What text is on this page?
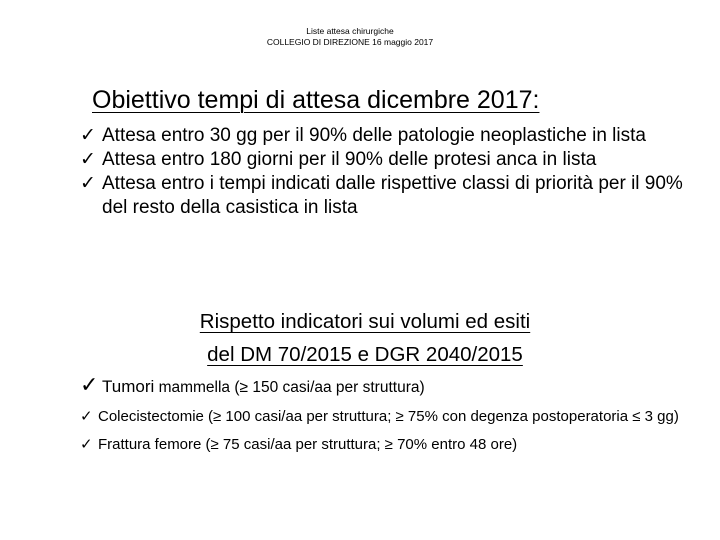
Liste attesa chirurgiche
COLLEGIO DI DIREZIONE 16 maggio 2017
Obiettivo tempi di attesa dicembre 2017:
✓ Attesa entro 30 gg per il 90% delle patologie neoplastiche in lista
✓ Attesa entro 180 giorni per il 90% delle protesi anca in lista
✓ Attesa entro i tempi indicati dalle rispettive classi di priorità per il 90% del resto della casistica in lista
Rispetto indicatori sui volumi ed esiti
del DM 70/2015 e DGR 2040/2015
✓ Tumori mammella (≥ 150 casi/aa per struttura)
✓ Colecistectomie (≥ 100 casi/aa per struttura; ≥ 75% con degenza postoperatoria ≤ 3 gg)
✓ Frattura femore (≥ 75 casi/aa per struttura; ≥ 70% entro 48 ore)
